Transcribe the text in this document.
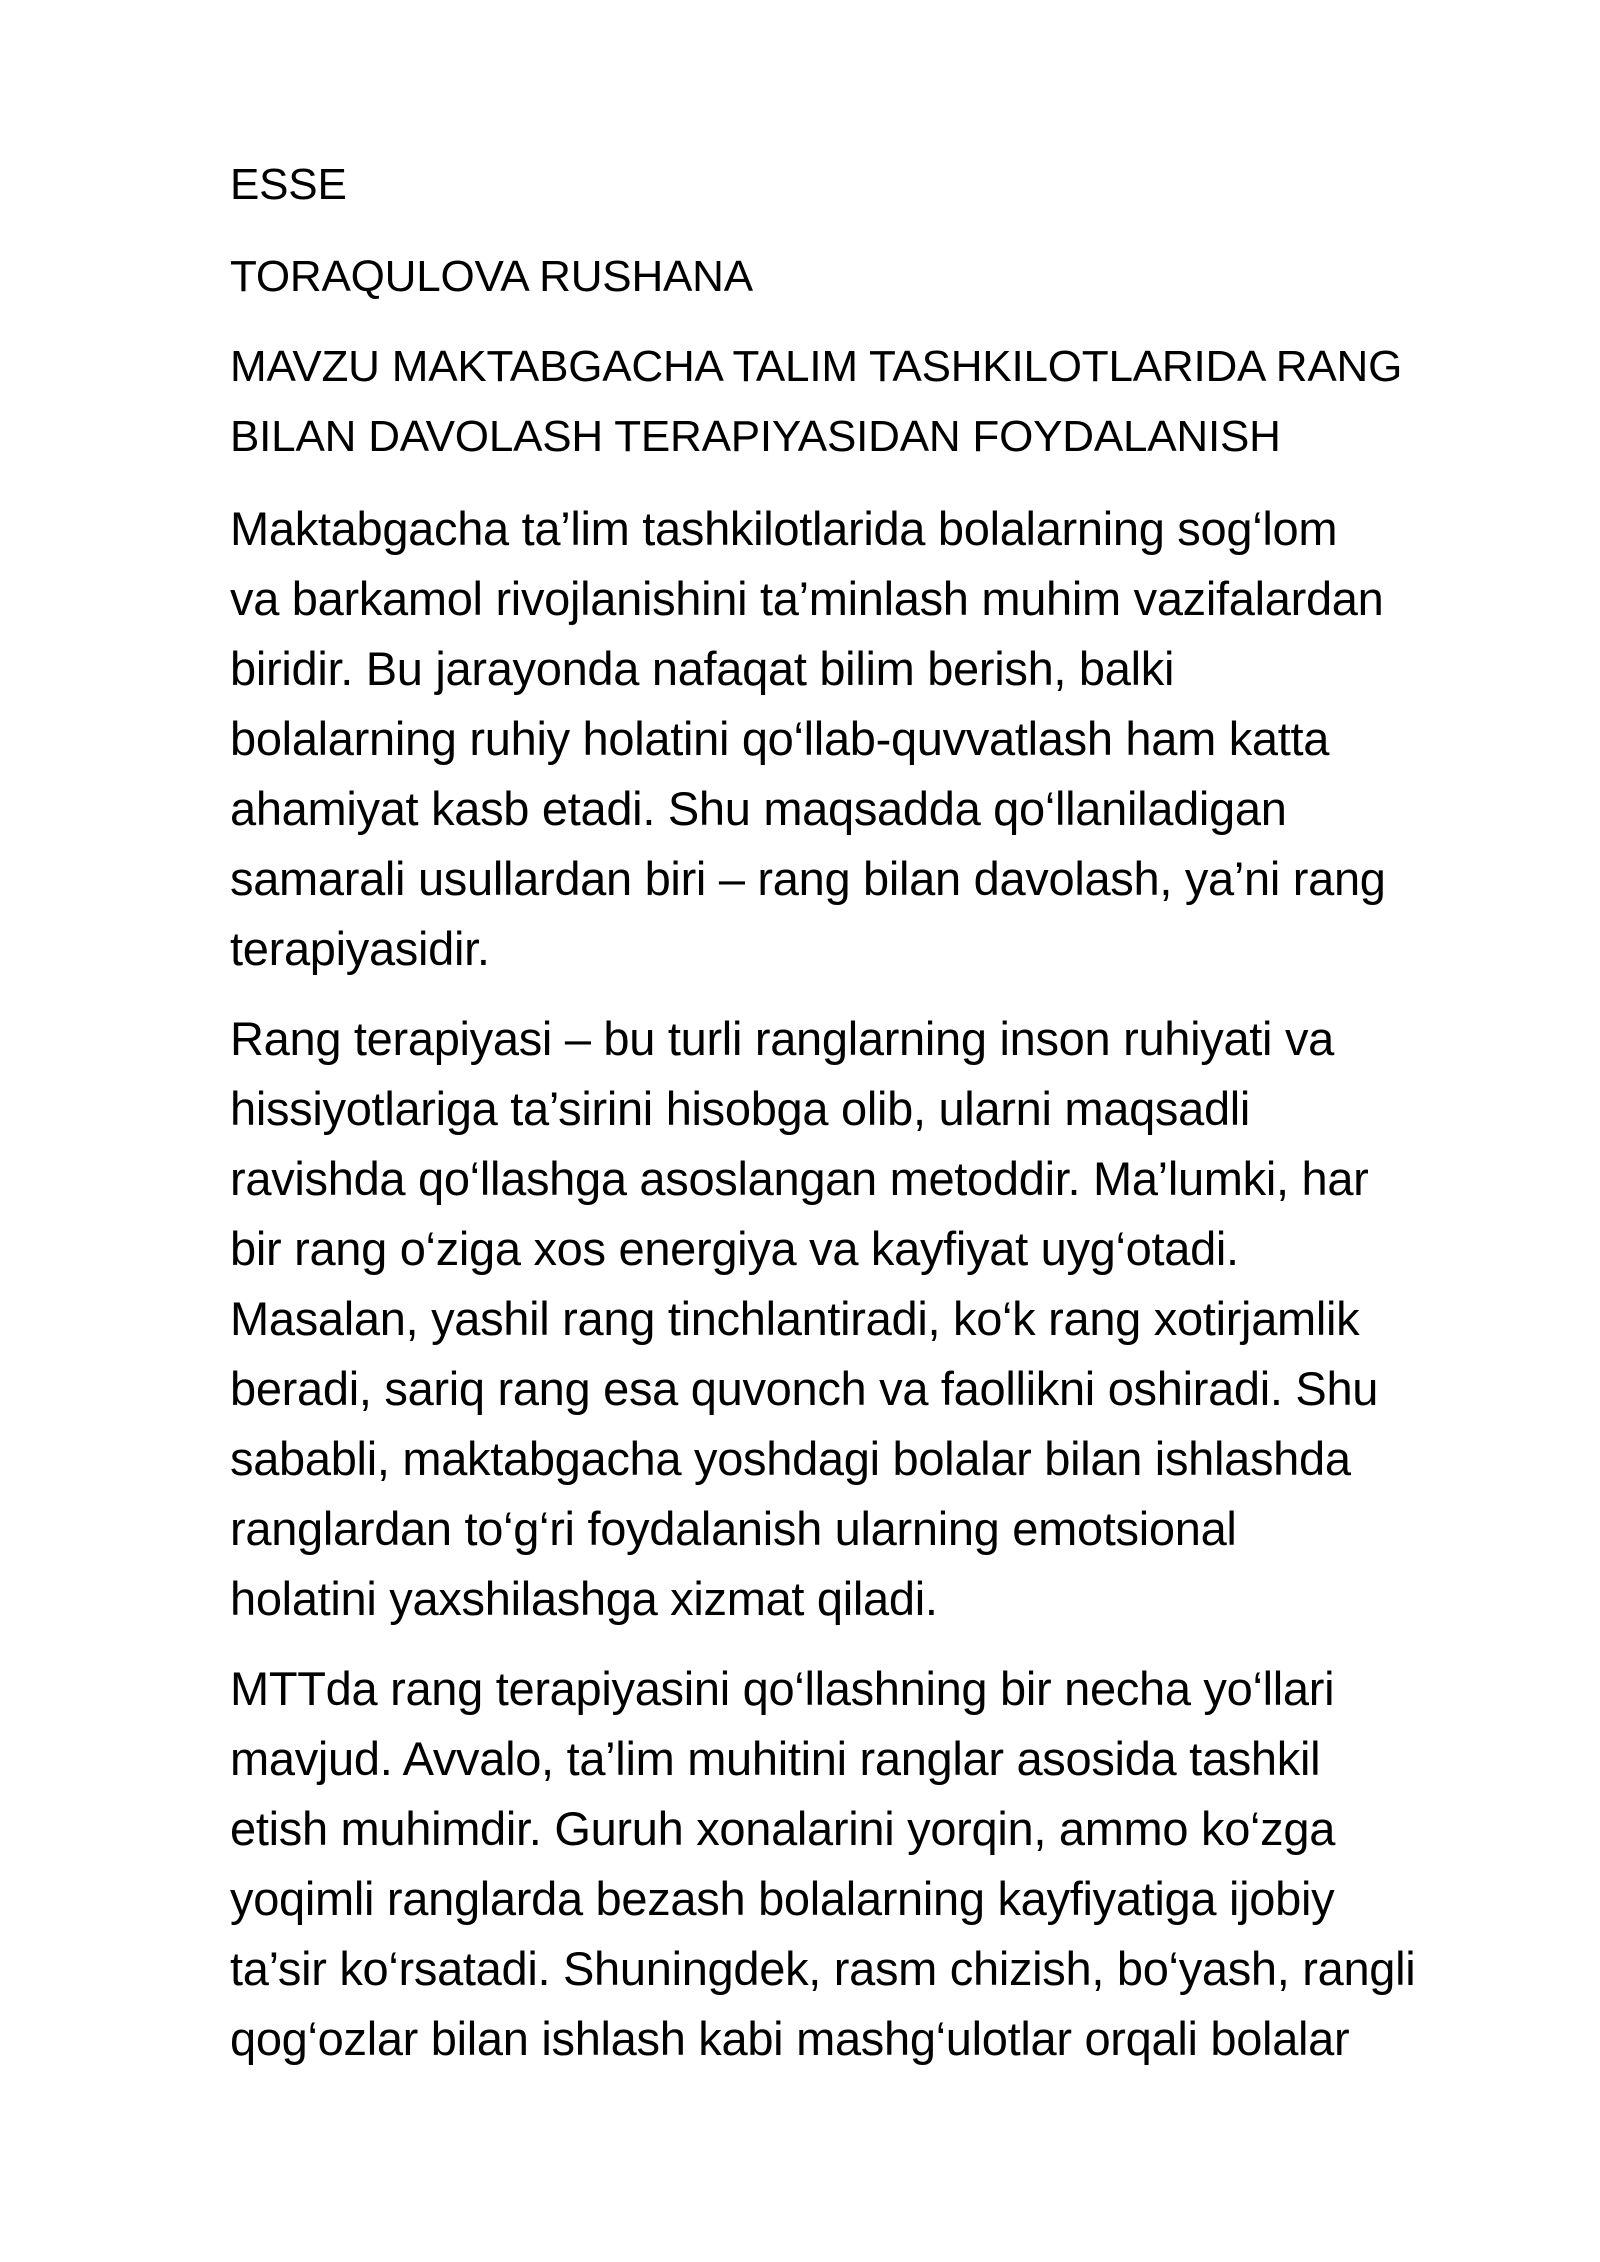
ESSE
TORAQULOVA RUSHANA
MAVZU MAKTABGACHA TALIM TASHKILOTLARIDA RANG
BILAN DAVOLASH TERAPIYASIDAN FOYDALANISH
Maktabgacha ta’lim tashkilotlarida bolalarning sog‘lom
va barkamol rivojlanishini ta’minlash muhim vazifalardan
biridir. Bu jarayonda nafaqat bilim berish, balki
bolalarning ruhiy holatini qo‘llab-quvvatlash ham katta
ahamiyat kasb etadi. Shu maqsadda qo‘llaniladigan
samarali usullardan biri – rang bilan davolash, ya’ni rang
terapiyasidir.
Rang terapiyasi – bu turli ranglarning inson ruhiyati va
hissiyotlariga ta’sirini hisobga olib, ularni maqsadli
ravishda qo‘llashga asoslangan metoddir. Ma’lumki, har
bir rang o‘ziga xos energiya va kayfiyat uyg‘otadi.
Masalan, yashil rang tinchlantiradi, ko‘k rang xotirjamlik
beradi, sariq rang esa quvonch va faollikni oshiradi. Shu
sababli, maktabgacha yoshdagi bolalar bilan ishlashda
ranglardan to‘g‘ri foydalanish ularning emotsional
holatini yaxshilashga xizmat qiladi.
MTTda rang terapiyasini qo‘llashning bir necha yo‘llari
mavjud. Avvalo, ta’lim muhitini ranglar asosida tashkil
etish muhimdir. Guruh xonalarini yorqin, ammo ko‘zga
yoqimli ranglarda bezash bolalarning kayfiyatiga ijobiy
ta’sir ko‘rsatadi. Shuningdek, rasm chizish, bo‘yash, rangli
qog‘ozlar bilan ishlash kabi mashg‘ulotlar orqali bolalar
